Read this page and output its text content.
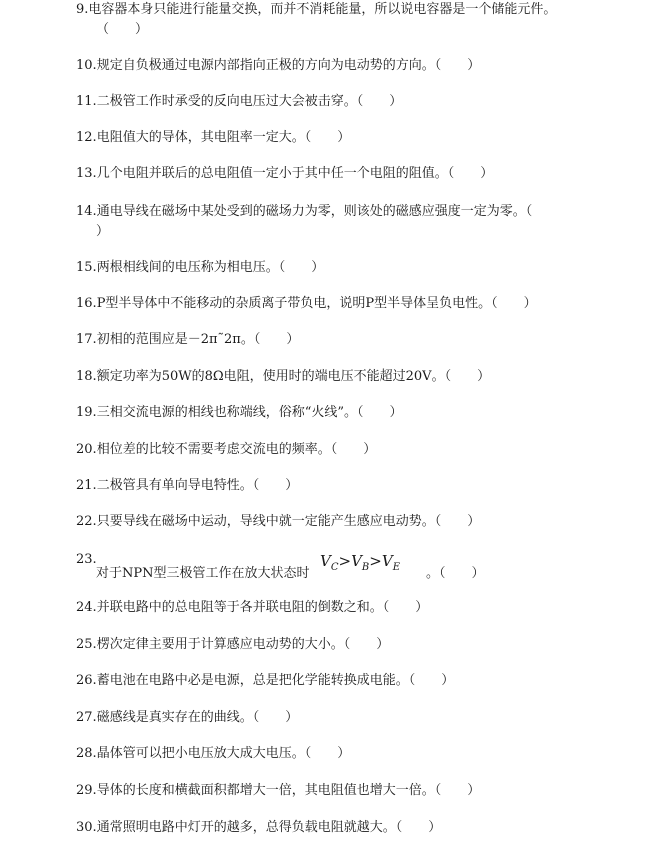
9.电容器本身只能进行能量交换，而并不消耗能量，所以说电容器是一个储能元件。
（　　）
10.规定自负极通过电源内部指向正极的方向为电动势的方向。（　　）
11.二极管工作时承受的反向电压过大会被击穿。（　　）
12.电阻值大的导体，其电阻率一定大。（　　）
13.几个电阻并联后的总电阻值一定小于其中任一个电阻的阻值。（　　）
14.通电导线在磁场中某处受到的磁场力为零，则该处的磁感应强度一定为零。（
）
15.两根相线间的电压称为相电压。（　　）
16.P型半导体中不能移动的杂质离子带负电，说明P型半导体呈负电性。（　　）
17.初相的范围应是－2π˜2π。（　　）
18.额定功率为50W的8Ω电阻，使用时的端电压不能超过20V。（　　）
19.三相交流电源的相线也称端线，俗称“火线”。（　　）
20.相位差的比较不需要考虑交流电的频率。（　　）
21.二极管具有单向导电特性。（　　）
22.只要导线在磁场中运动，导线中就一定能产生感应电动势。（　　）
23.
对于NPN型三极管工作在放大状态时
$V_C>V_B>V_E$ 。（　　）
24.并联电路中的总电阻等于各并联电阻的倒数之和。（　　）
25.楞次定律主要用于计算感应电动势的大小。（　　）
26.蓄电池在电路中必是电源，总是把化学能转换成电能。（　　）
27.磁感线是真实存在的曲线。（　　）
28.晶体管可以把小电压放大成大电压。（　　）
29.导体的长度和横截面积都增大一倍，其电阻值也增大一倍。（　　）
30.通常照明电路中灯开的越多，总得负载电阻就越大。（　　）
